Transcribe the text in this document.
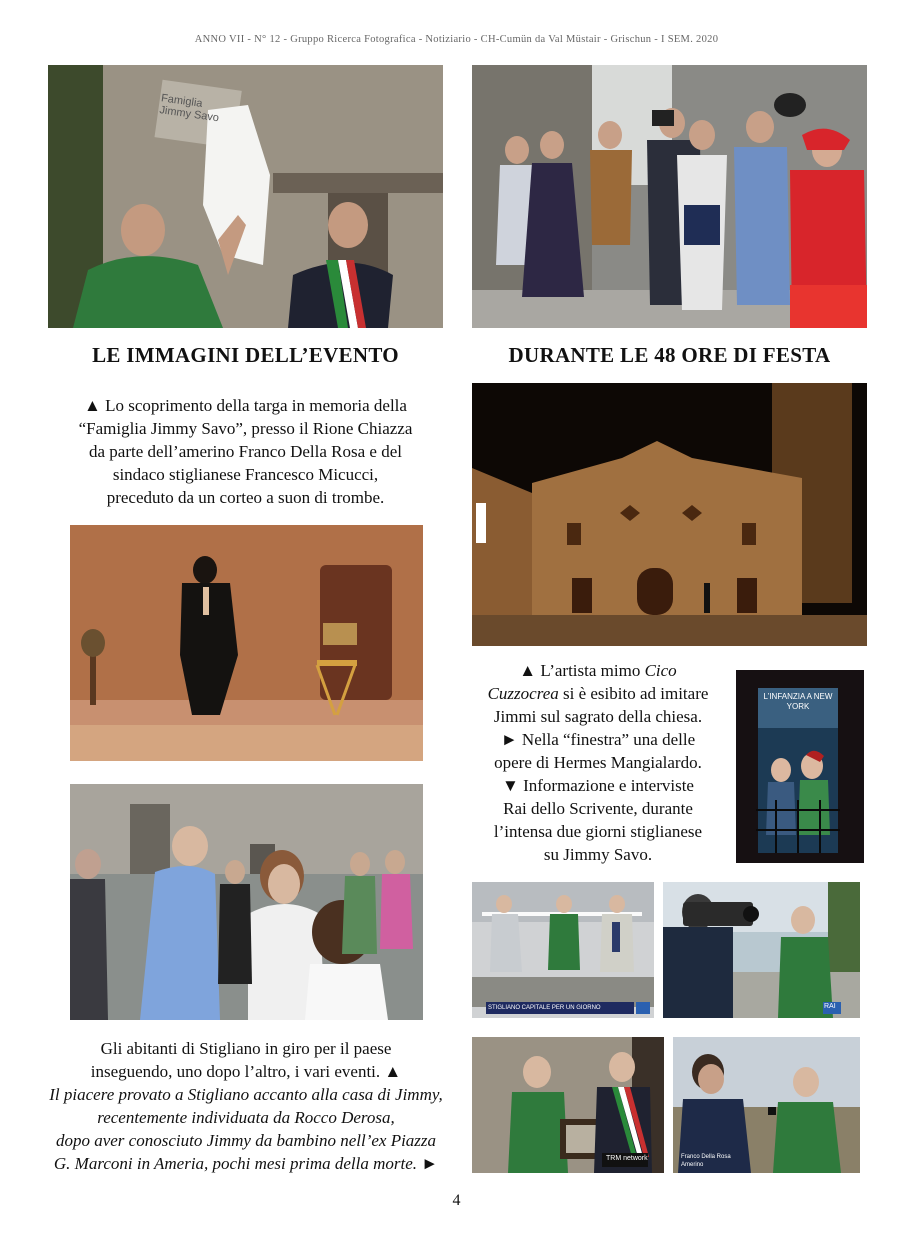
ANNO VII - N° 12 - Gruppo Ricerca Fotografica - Notiziario - CH-Cumün da Val Müstair - Grischun - I SEM. 2020
Famiglia Jimmy Savo
LE IMMAGINI DELL’EVENTO	DURANTE LE 48 ORE DI FESTA
▲ Lo scoprimento della targa in memoria della
“Famiglia Jimmy Savo”, presso il Rione Chiazza
da parte dell’amerino Franco Della Rosa e del
sindaco stiglianese Francesco Micucci,
preceduto da un corteo a suon di trombe.
▲ L’artista mimo Cico
Cuzzocrea si è esibito ad imitare
Jimmi sul sagrato della chiesa.
► Nella “finestra” una delle
opere di Hermes Mangialardo.
▼ Informazione e interviste
Rai dello Scrivente, durante
l’intensa due giorni stiglianese
su Jimmy Savo.
L’INFANZIA A NEW YORK
STIGLIANO CAPITALE PER UN GIORNO	RAI
TRM network	Franco Della Rosa
Amerino
Gli abitanti di Stigliano in giro per il paese
inseguendo, uno dopo l’altro, i vari eventi. ▲
Il piacere provato a Stigliano accanto alla casa di Jimmy,
recentemente individuata da Rocco Derosa,
dopo aver conosciuto Jimmy da bambino nell’ex Piazza
G. Marconi in Ameria, pochi mesi prima della morte. ►
4
